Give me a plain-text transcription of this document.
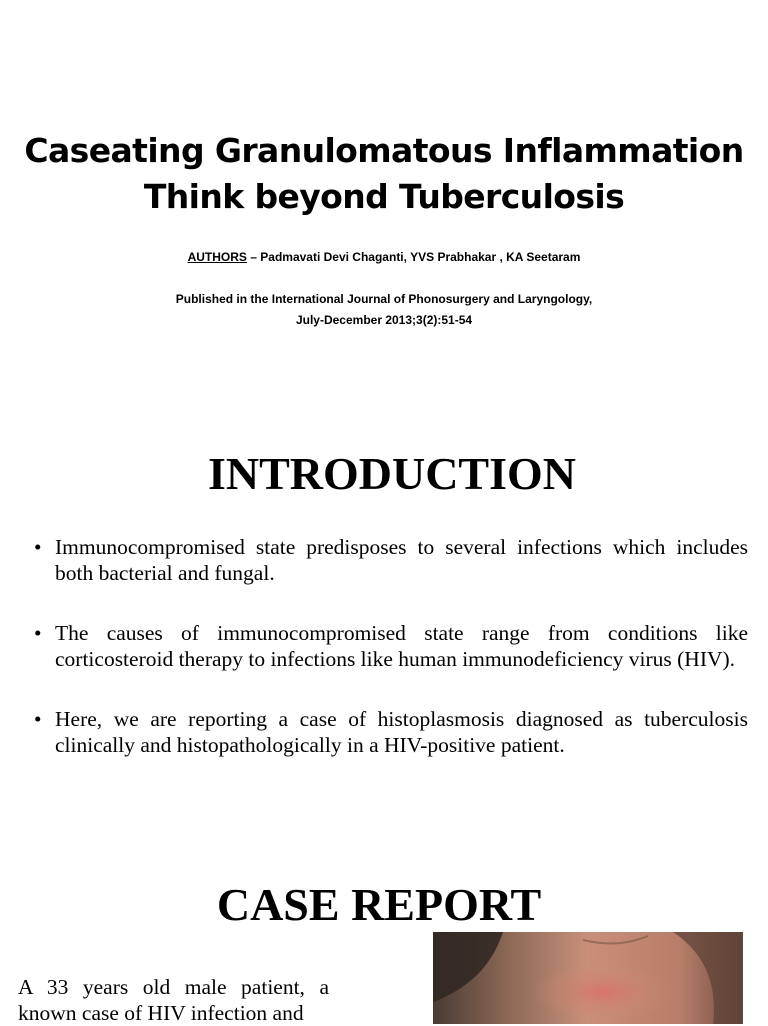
Caseating Granulomatous Inflammation
Think beyond Tuberculosis
AUTHORS – Padmavati Devi Chaganti, YVS Prabhakar , KA Seetaram
Published in the International Journal of Phonosurgery and Laryngology,
July-December 2013;3(2):51-54
INTRODUCTION
• Immunocompromised state predisposes to several infections which includes both bacterial and fungal.
• The causes of immunocompromised state range from conditions like corticosteroid therapy to infections like human immunodeficiency virus (HIV).
• Here, we are reporting a case of histoplasmosis diagnosed as tuberculosis clinically and histopathologically in a HIV-positive patient.
CASE REPORT
A 33 years old male patient, a known case of HIV infection and
